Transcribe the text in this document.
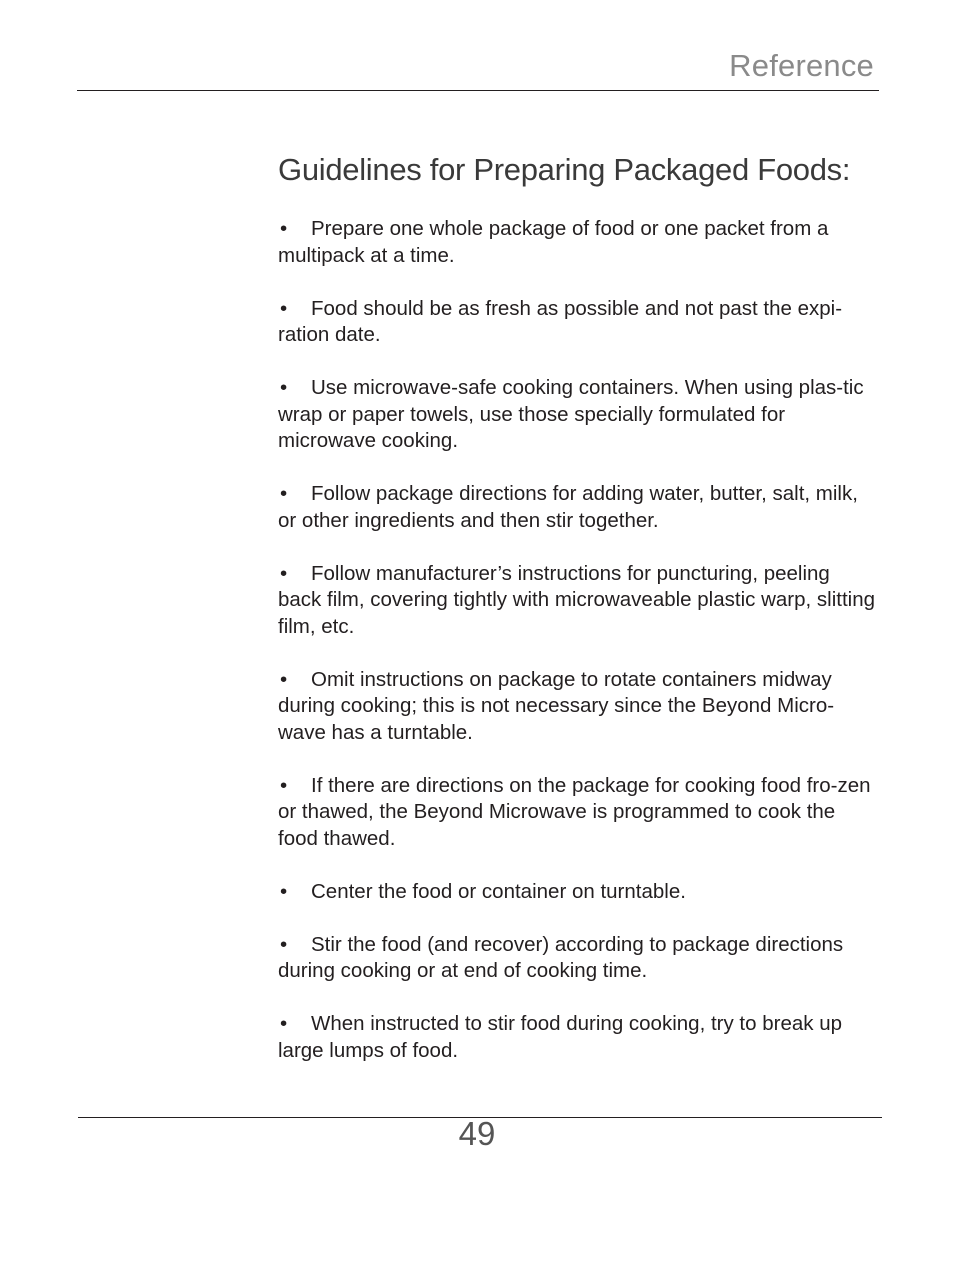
Reference
Guidelines for Preparing Packaged Foods:
• Prepare one whole package of food or one packet from a multipack at a time.
• Food should be as fresh as possible and not past the expi-ration date.
• Use microwave-safe cooking containers. When using plas-tic wrap or paper towels, use those specially formulated for microwave cooking.
• Follow package directions for adding water, butter, salt, milk, or other ingredients and then stir together.
• Follow manufacturer’s instructions for puncturing, peeling back film, covering tightly with microwaveable plastic warp, slitting film, etc.
• Omit instructions on package to rotate containers midway during cooking; this is not necessary since the Beyond Micro-wave has a turntable.
• If there are directions on the package for cooking food fro-zen or thawed, the Beyond Microwave is programmed to cook the food thawed.
• Center the food or container on turntable.
• Stir the food (and recover) according to package directions during cooking or at end of cooking time.
• When instructed to stir food during cooking, try to break up large lumps of food.
49
